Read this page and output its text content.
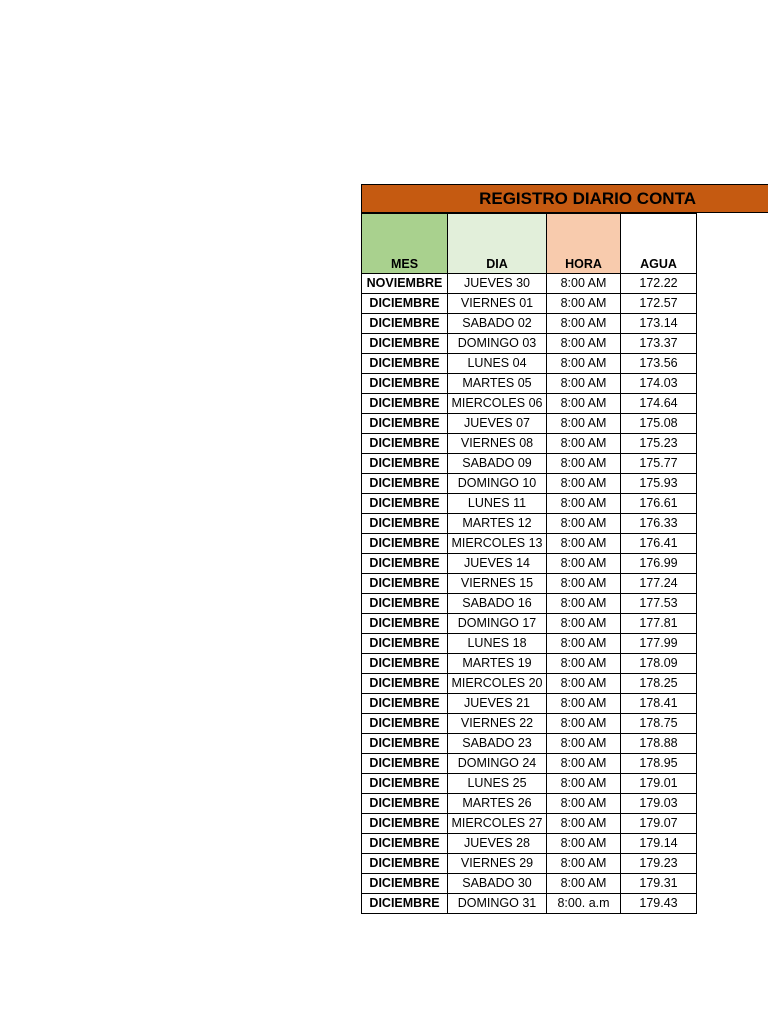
REGISTRO DIARIO CONTA
MES	DIA	HORA	AGUA
NOVIEMBRE	JUEVES 30	8:00 AM	172.22
DICIEMBRE	VIERNES 01	8:00 AM	172.57
DICIEMBRE	SABADO 02	8:00 AM	173.14
DICIEMBRE	DOMINGO 03	8:00 AM	173.37
DICIEMBRE	LUNES 04	8:00 AM	173.56
DICIEMBRE	MARTES 05	8:00 AM	174.03
DICIEMBRE	MIERCOLES 06	8:00 AM	174.64
DICIEMBRE	JUEVES 07	8:00 AM	175.08
DICIEMBRE	VIERNES 08	8:00 AM	175.23
DICIEMBRE	SABADO 09	8:00 AM	175.77
DICIEMBRE	DOMINGO 10	8:00 AM	175.93
DICIEMBRE	LUNES 11	8:00 AM	176.61
DICIEMBRE	MARTES 12	8:00 AM	176.33
DICIEMBRE	MIERCOLES 13	8:00 AM	176.41
DICIEMBRE	JUEVES 14	8:00 AM	176.99
DICIEMBRE	VIERNES 15	8:00 AM	177.24
DICIEMBRE	SABADO 16	8:00 AM	177.53
DICIEMBRE	DOMINGO 17	8:00 AM	177.81
DICIEMBRE	LUNES 18	8:00 AM	177.99
DICIEMBRE	MARTES 19	8:00 AM	178.09
DICIEMBRE	MIERCOLES 20	8:00 AM	178.25
DICIEMBRE	JUEVES 21	8:00 AM	178.41
DICIEMBRE	VIERNES 22	8:00 AM	178.75
DICIEMBRE	SABADO 23	8:00 AM	178.88
DICIEMBRE	DOMINGO 24	8:00 AM	178.95
DICIEMBRE	LUNES 25	8:00 AM	179.01
DICIEMBRE	MARTES 26	8:00 AM	179.03
DICIEMBRE	MIERCOLES 27	8:00 AM	179.07
DICIEMBRE	JUEVES 28	8:00 AM	179.14
DICIEMBRE	VIERNES 29	8:00 AM	179.23
DICIEMBRE	SABADO 30	8:00 AM	179.31
DICIEMBRE	DOMINGO 31	8:00. a.m	179.43
